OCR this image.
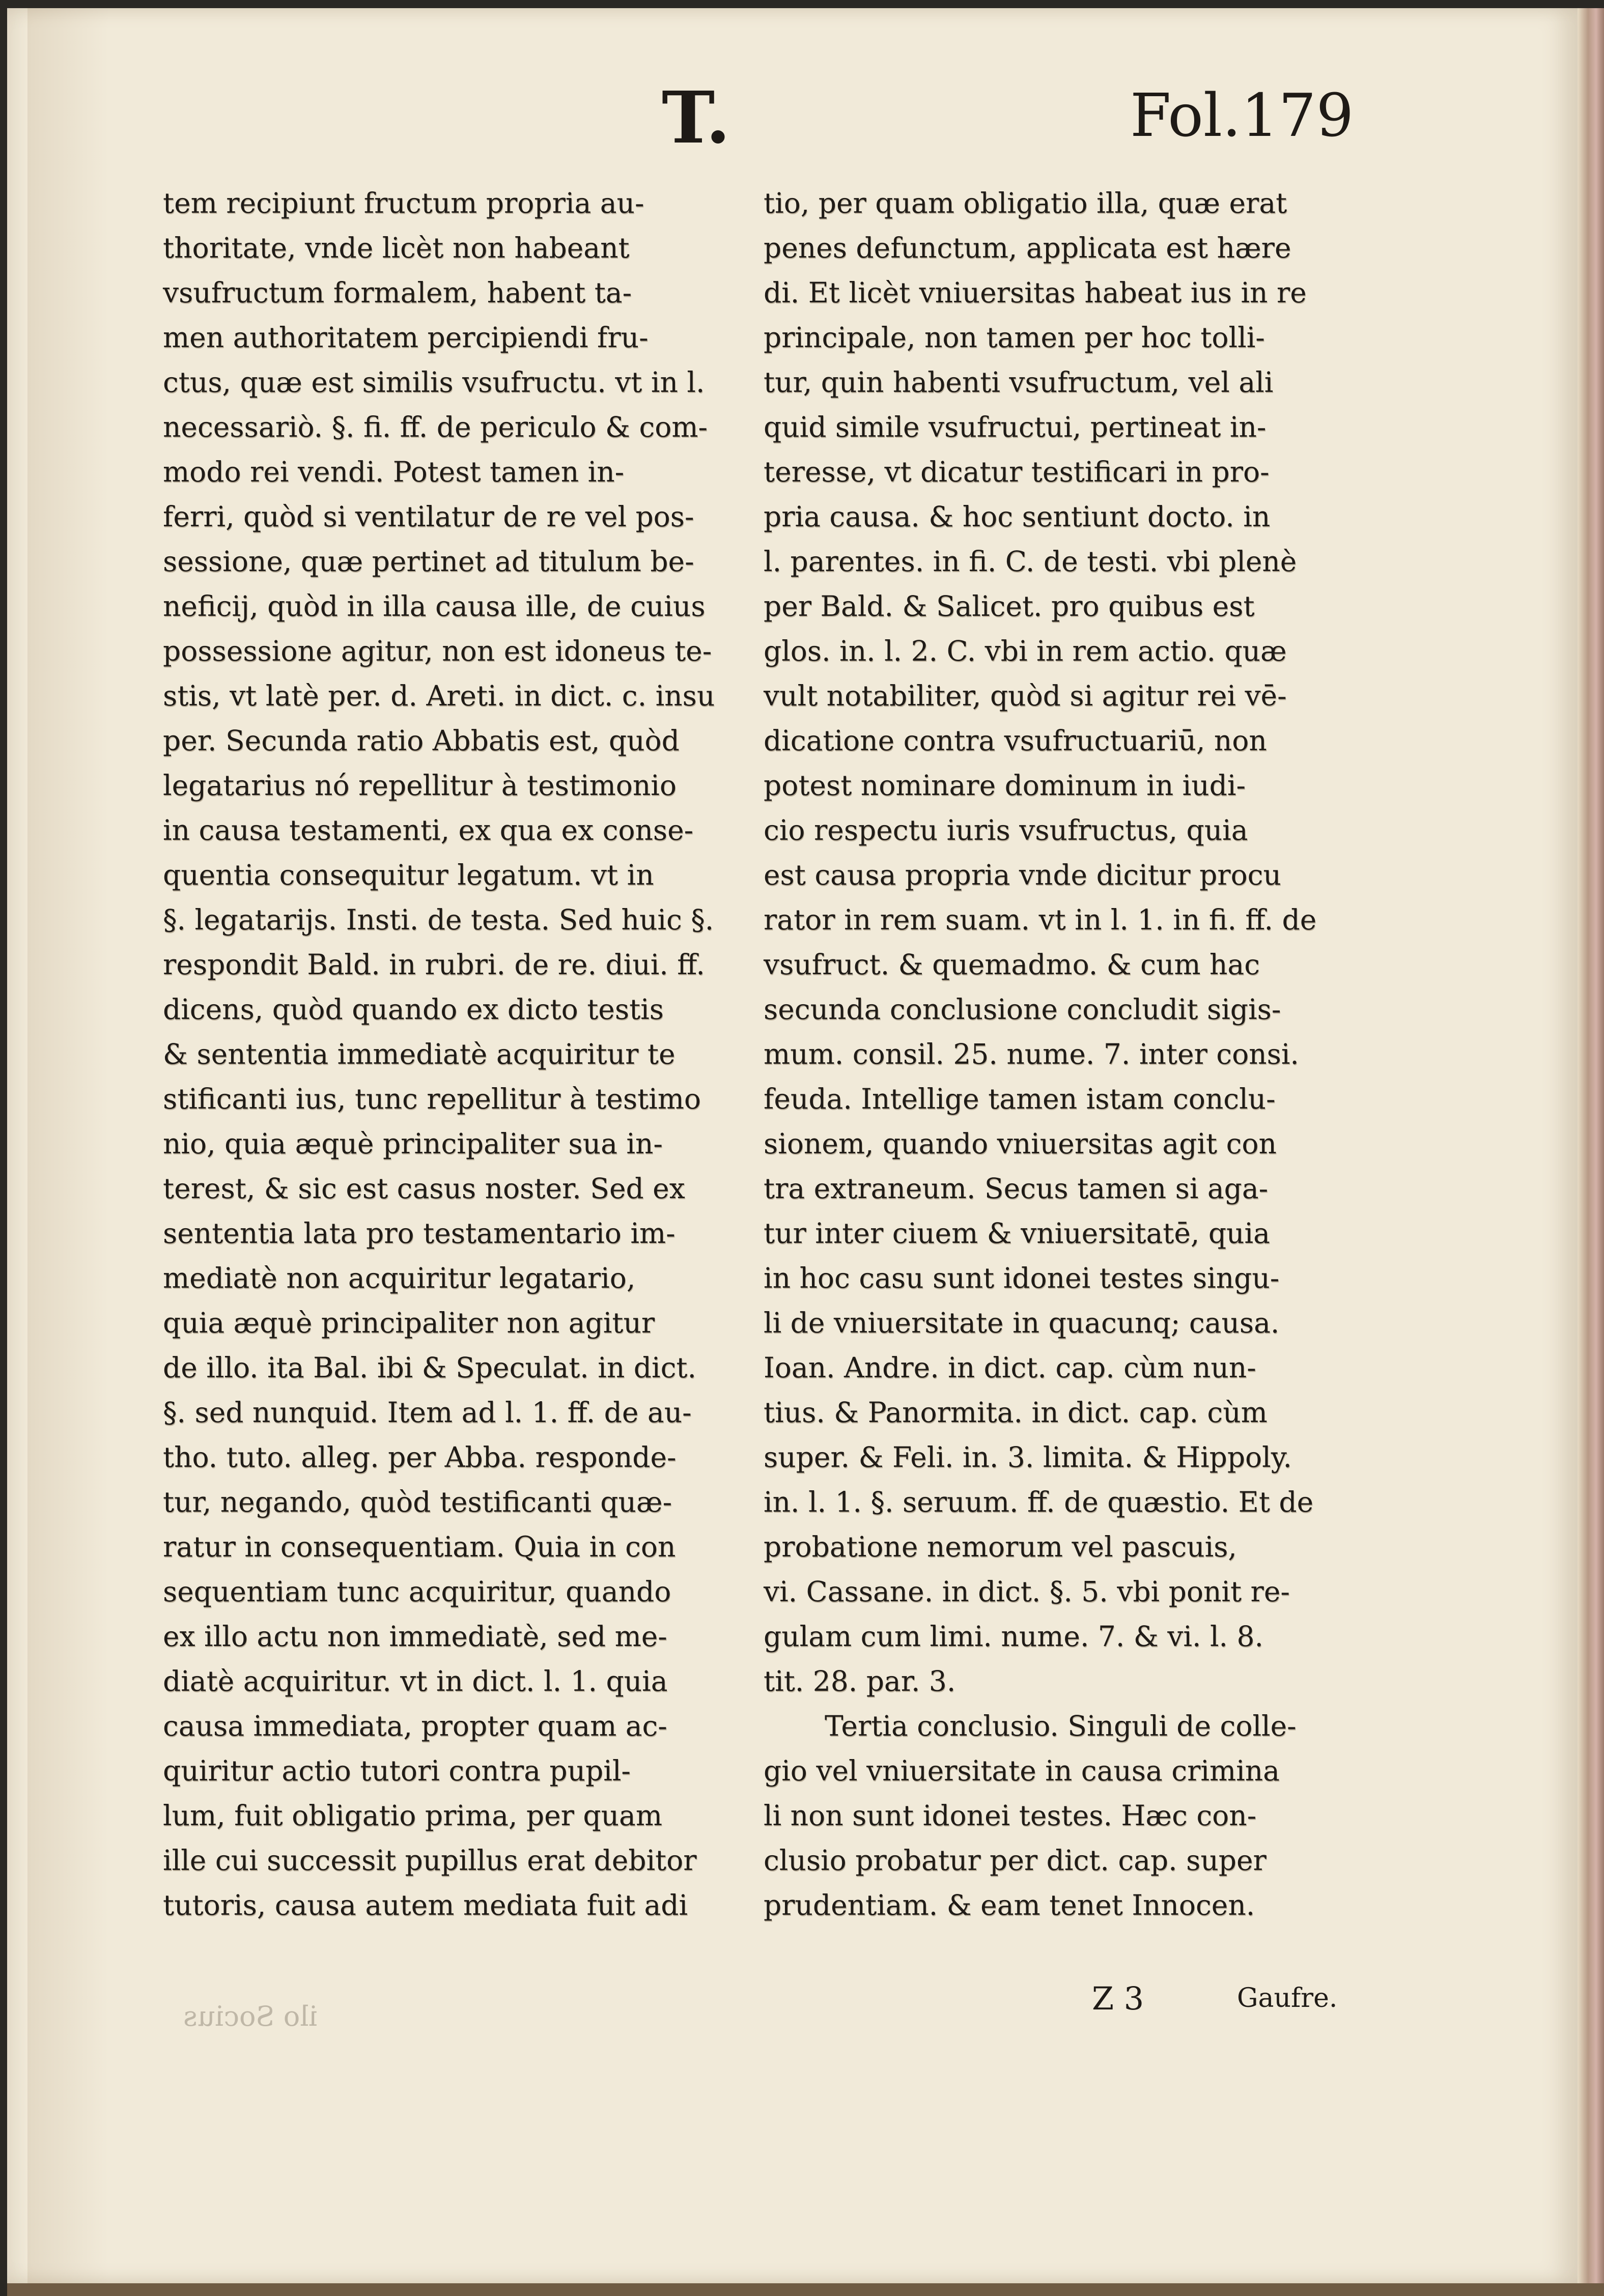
T.	Fol.179
tem recipiunt fructum propria au-
thoritate, vnde licèt non habeant
vsufructum formalem, habent ta-
men authoritatem percipiendi fru-
ctus, quæ est similis vsufructu. vt in l.
necessariò. §. fi. ff. de periculo & com-
modo rei vendi. Potest tamen in-
ferri, quòd si ventilatur de re vel pos-
sessione, quæ pertinet ad titulum be-
neficij, quòd in illa causa ille, de cuius
possessione agitur, non est idoneus te-
stis, vt latè per. d. Areti. in dict. c. insu
per. Secunda ratio Abbatis est, quòd
legatarius nó repellitur à testimonio
in causa testamenti, ex qua ex conse-
quentia consequitur legatum. vt in
§. legatarijs. Insti. de testa. Sed huic §.
respondit Bald. in rubri. de re. diui. ff.
dicens, quòd quando ex dicto testis
& sententia immediatè acquiritur te
stificanti ius, tunc repellitur à testimo
nio, quia æquè principaliter sua in-
terest, & sic est casus noster. Sed ex
sententia lata pro testamentario im-
mediatè non acquiritur legatario,
quia æquè principaliter non agitur
de illo. ita Bal. ibi & Speculat. in dict.
§. sed nunquid. Item ad l. 1. ff. de au-
tho. tuto. alleg. per Abba. responde-
tur, negando, quòd testificanti quæ-
ratur in consequentiam. Quia in con
sequentiam tunc acquiritur, quando
ex illo actu non immediatè, sed me-
diatè acquiritur. vt in dict. l. 1. quia
causa immediata, propter quam ac-
quiritur actio tutori contra pupil-
lum, fuit obligatio prima, per quam
ille cui successit pupillus erat debitor
tutoris, causa autem mediata fuit adi
tio, per quam obligatio illa, quæ erat
penes defunctum, applicata est hære
di. Et licèt vniuersitas habeat ius in re
principale, non tamen per hoc tolli-
tur, quin habenti vsufructum, vel ali
quid simile vsufructui, pertineat in-
teresse, vt dicatur testificari in pro-
pria causa. & hoc sentiunt docto. in
l. parentes. in fi. C. de testi. vbi plenè
per Bald. & Salicet. pro quibus est
glos. in. l. 2. C. vbi in rem actio. quæ
vult notabiliter, quòd si agitur rei vē-
dicatione contra vsufructuariū, non
potest nominare dominum in iudi-
cio respectu iuris vsufructus, quia
est causa propria vnde dicitur procu
rator in rem suam. vt in l. 1. in fi. ff. de
vsufruct. & quemadmo. & cum hac
secunda conclusione concludit sigis-
mum. consil. 25. nume. 7. inter consi.
feuda. Intellige tamen istam conclu-
sionem, quando vniuersitas agit con
tra extraneum. Secus tamen si aga-
tur inter ciuem & vniuersitatē, quia
in hoc casu sunt idonei testes singu-
li de vniuersitate in quacunq; causa.
Ioan. Andre. in dict. cap. cùm nun-
tius. & Panormita. in dict. cap. cùm
super. & Feli. in. 3. limita. & Hippoly.
in. l. 1. §. seruum. ff. de quæstio. Et de
probatione nemorum vel pascuis,
vi. Cassane. in dict. §. 5. vbi ponit re-
gulam cum limi. nume. 7. & vi. l. 8.
tit. 28. par. 3.
Tertia conclusio. Singuli de colle-
gio vel vniuersitate in causa crimina
li non sunt idonei testes. Hæc con-
clusio probatur per dict. cap. super
prudentiam. & eam tenet Innocen.
Z 3	Gaufre.
ilo Socius
